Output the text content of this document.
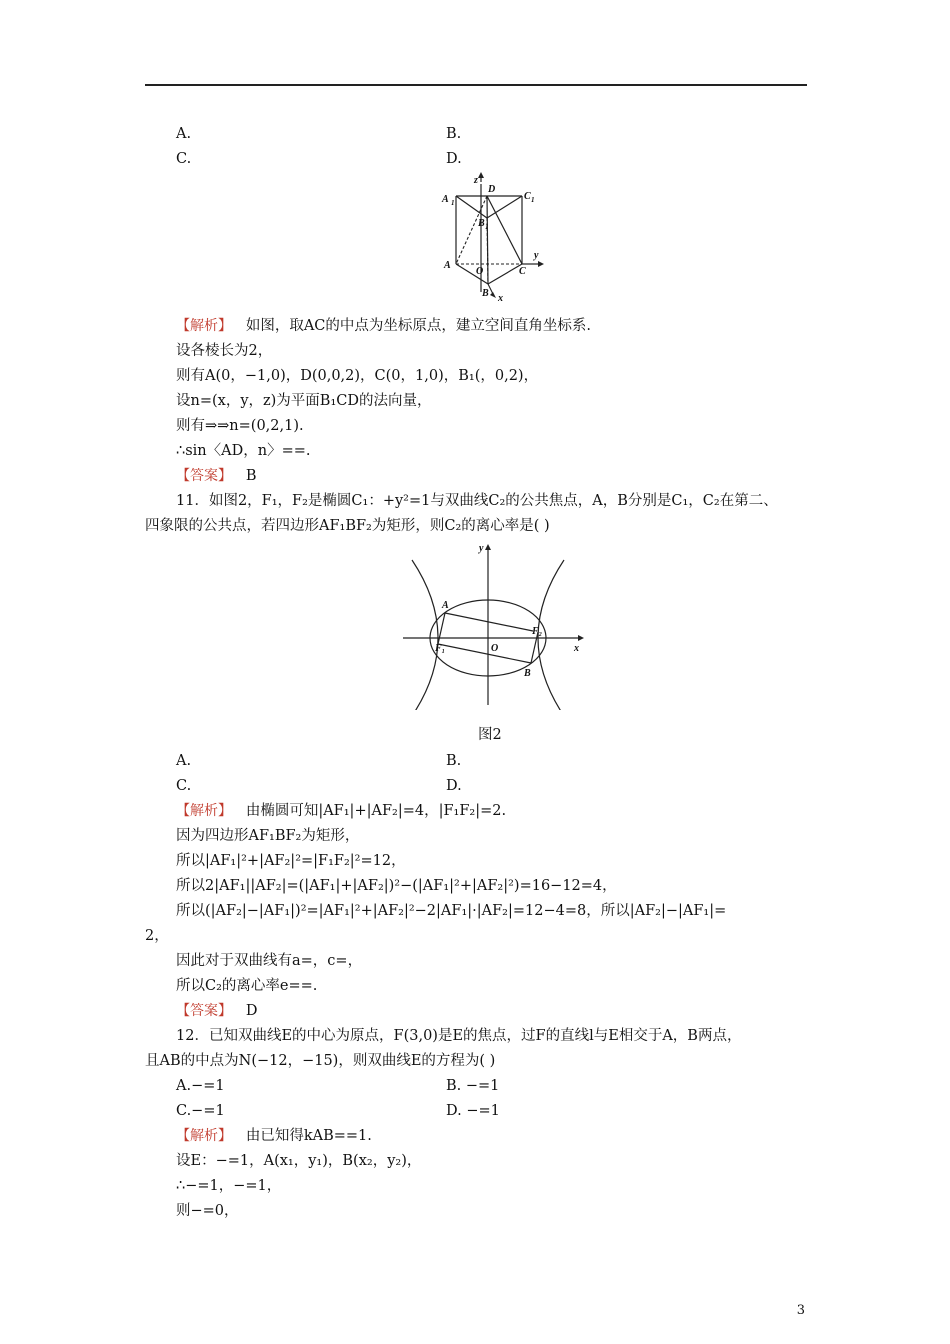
A.	B.
C.	D.
z
D
A 1
C 1
B 1
y
A
O	C
B x
【解析】 如图，取AC的中点为坐标原点，建立空间直角坐标系.
设各棱长为2，
则有A(0，−1,0)，D(0,0,2)，C(0，1,0)，B₁(，0,2)，
设n=(x，y，z)为平面B₁CD的法向量，
则有⇒⇒n=(0,2,1).
∴sin〈AD，n〉==.
【答案】 B
11．如图2，F₁，F₂是椭圆C₁：+y²=1与双曲线C₂的公共焦点，A，B分别是C₁，C₂在第二、
四象限的公共点，若四边形AF₁BF₂为矩形，则C₂的离心率是( )
y
A
F₂
x
F₁	O
B
图2
A.	B.
C.	D.
【解析】 由椭圆可知|AF₁|+|AF₂|=4，|F₁F₂|=2.
因为四边形AF₁BF₂为矩形，
所以|AF₁|²+|AF₂|²=|F₁F₂|²=12，
所以2|AF₁||AF₂|=(|AF₁|+|AF₂|)²−(|AF₁|²+|AF₂|²)=16−12=4，
所以(|AF₂|−|AF₁|)²=|AF₁|²+|AF₂|²−2|AF₁|·|AF₂|=12−4=8，所以|AF₂|−|AF₁|=
2，
因此对于双曲线有a=，c=，
所以C₂的离心率e==.
【答案】 D
12．已知双曲线E的中心为原点，F(3,0)是E的焦点，过F的直线l与E相交于A，B两点，
且AB的中点为N(−12，−15)，则双曲线E的方程为( )
A.−=1	B. −=1
C.−=1	D. −=1
【解析】 由已知得kAB==1.
设E：−=1，A(x₁，y₁)，B(x₂，y₂)，
∴−=1，−=1，
则−=0，
3
